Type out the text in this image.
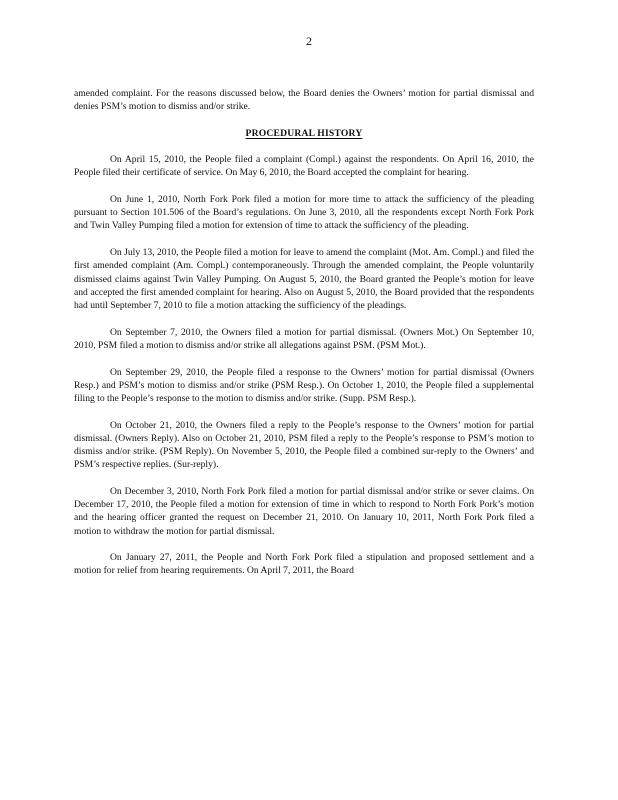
2

amended complaint. For the reasons discussed below, the Board denies the Owners’ motion for partial dismissal and denies PSM’s motion to dismiss and/or strike.

PROCEDURAL HISTORY

On April 15, 2010, the People filed a complaint (Compl.) against the respondents. On April 16, 2010, the People filed their certificate of service. On May 6, 2010, the Board accepted the complaint for hearing.

On June 1, 2010, North Fork Pork filed a motion for more time to attack the sufficiency of the pleading pursuant to Section 101.506 of the Board’s regulations. On June 3, 2010, all the respondents except North Fork Pork and Twin Valley Pumping filed a motion for extension of time to attack the sufficiency of the pleading.

On July 13, 2010, the People filed a motion for leave to amend the complaint (Mot. Am. Compl.) and filed the first amended complaint (Am. Compl.) contemporaneously. Through the amended complaint, the People voluntarily dismissed claims against Twin Valley Pumping. On August 5, 2010, the Board granted the People’s motion for leave and accepted the first amended complaint for hearing. Also on August 5, 2010, the Board provided that the respondents had until September 7, 2010 to file a motion attacking the sufficiency of the pleadings.

On September 7, 2010, the Owners filed a motion for partial dismissal. (Owners Mot.) On September 10, 2010, PSM filed a motion to dismiss and/or strike all allegations against PSM. (PSM Mot.).

On September 29, 2010, the People filed a response to the Owners’ motion for partial dismissal (Owners Resp.) and PSM’s motion to dismiss and/or strike (PSM Resp.). On October 1, 2010, the People filed a supplemental filing to the People’s response to the motion to dismiss and/or strike. (Supp. PSM Resp.).

On October 21, 2010, the Owners filed a reply to the People’s response to the Owners’ motion for partial dismissal. (Owners Reply). Also on October 21, 2010, PSM filed a reply to the People’s response to PSM’s motion to dismiss and/or strike. (PSM Reply). On November 5, 2010, the People filed a combined sur-reply to the Owners’ and PSM’s respective replies. (Sur-reply).

On December 3, 2010, North Fork Pork filed a motion for partial dismissal and/or strike or sever claims. On December 17, 2010, the People filed a motion for extension of time in which to respond to North Fork Pork’s motion and the hearing officer granted the request on December 21, 2010. On January 10, 2011, North Fork Pork filed a motion to withdraw the motion for partial dismissal.

On January 27, 2011, the People and North Fork Pork filed a stipulation and proposed settlement and a motion for relief from hearing requirements. On April 7, 2011, the Board
